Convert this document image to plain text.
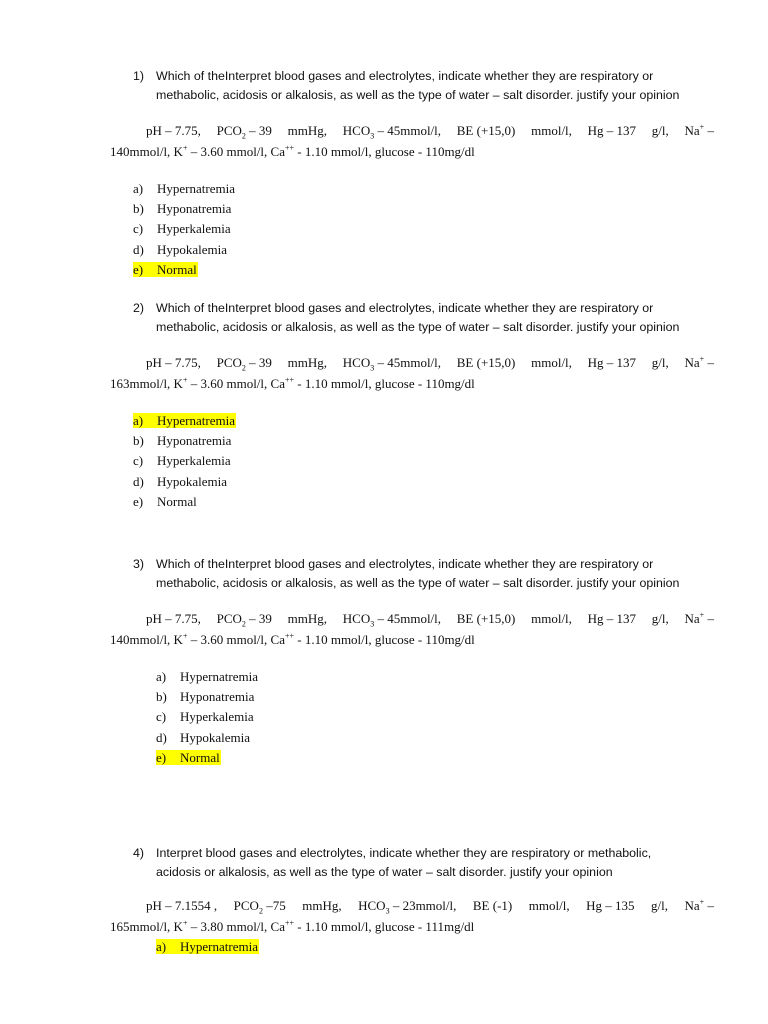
1) Which of theInterpret blood gases and electrolytes, indicate whether they are respiratory or
methabolic, acidosis or alkalosis, as well as the type of water – salt disorder. justify your opinion
pH – 7.75, $PCO_2 - 39$ mmHg, $HCO_3$ – 45mmol/l, BE (+15,0) mmol/l, Hg – 137 g/l, Na+ –
140mmol/l, K+ – 3.60 mmol/l, Ca++ - 1.10 mmol/l, glucose - 110mg/dl
a) Hypernatremia
b) Hyponatremia
c) Hyperkalemia
d) Hypokalemia
e) Normal
2) Which of theInterpret blood gases and electrolytes, indicate whether they are respiratory or
methabolic, acidosis or alkalosis, as well as the type of water – salt disorder. justify your opinion
pH – 7.75, $PCO_2 - 39$ mmHg, $HCO_3$ – 45mmol/l, BE (+15,0) mmol/l, Hg – 137 g/l, Na+ –
163mmol/l, K+ – 3.60 mmol/l, Ca++ - 1.10 mmol/l, glucose - 110mg/dl
a) Hypernatremia
b) Hyponatremia
c) Hyperkalemia
d) Hypokalemia
e) Normal
3) Which of theInterpret blood gases and electrolytes, indicate whether they are respiratory or
methabolic, acidosis or alkalosis, as well as the type of water – salt disorder. justify your opinion
pH – 7.75, $PCO_2 - 39$ mmHg, $HCO_3$ – 45mmol/l, BE (+15,0) mmol/l, Hg – 137 g/l, Na+ –
140mmol/l, K+ – 3.60 mmol/l, Ca++ - 1.10 mmol/l, glucose - 110mg/dl
a) Hypernatremia
b) Hyponatremia
c) Hyperkalemia
d) Hypokalemia
e) Normal
4) Interpret blood gases and electrolytes, indicate whether they are respiratory or methabolic,
acidosis or alkalosis, as well as the type of water – salt disorder. justify your opinion
pH – 7.1554 , $PCO_2$ –75 mmHg, $HCO_3$ – 23mmol/l, BE (-1) mmol/l, Hg – 135 g/l, Na+ –
165mmol/l, K+ – 3.80 mmol/l, Ca++ - 1.10 mmol/l, glucose - 111mg/dl
a) Hypernatremia
